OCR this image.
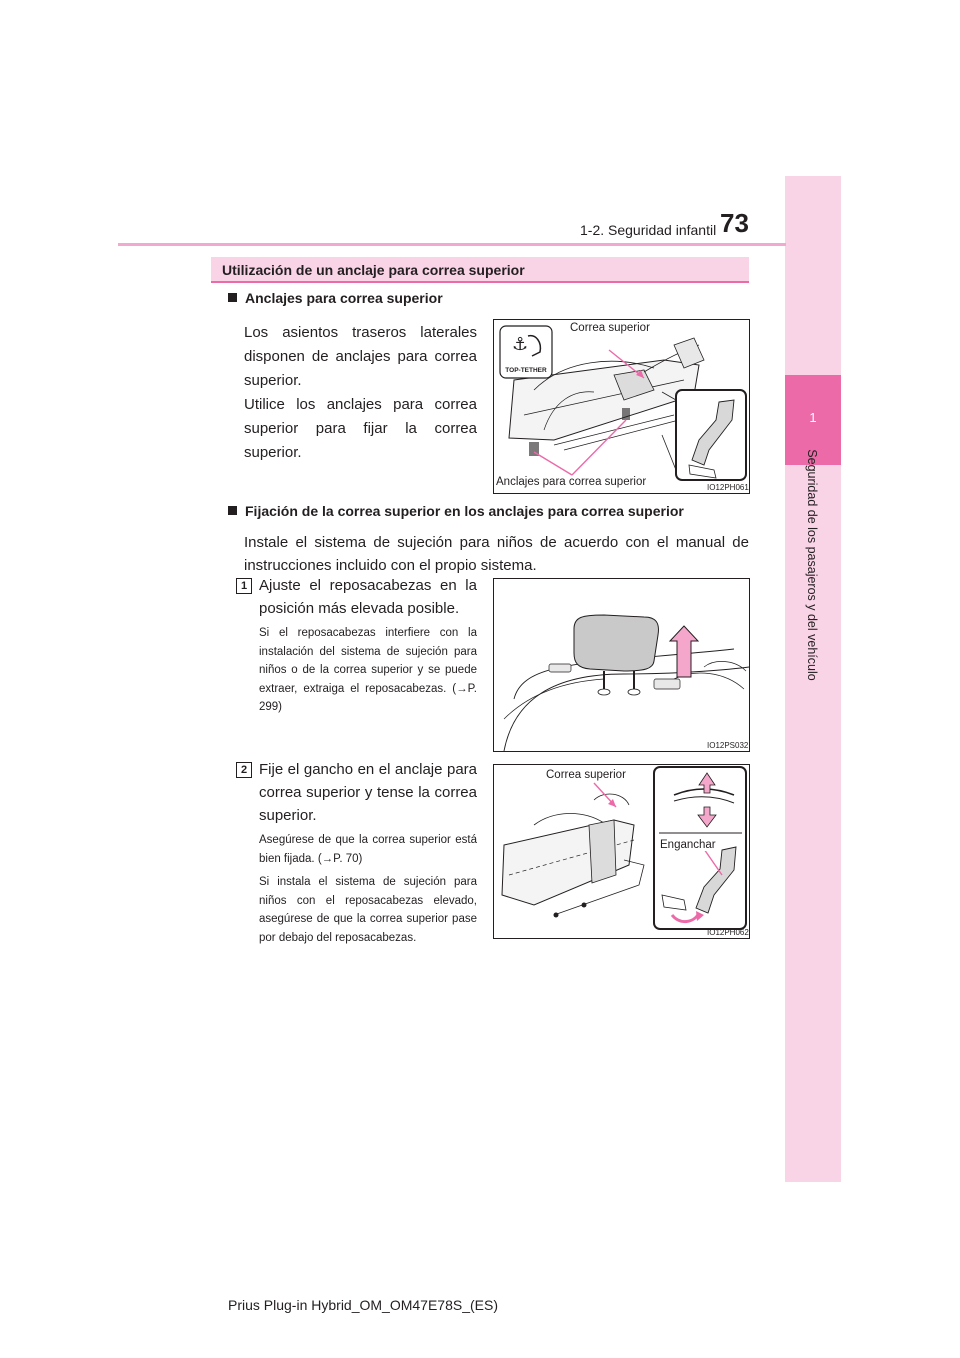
1
Seguridad de los pasajeros y del vehículo
1-2. Seguridad infantil 73
Utilización de un anclaje para correa superior
Anclajes para correa superior
Los asientos traseros laterales disponen de anclajes para correa superior.
Utilice los anclajes para correa superior para fijar la correa superior.
⚓
TOP-TETHER
Correa superior
Anclajes para correa superior	IO12PH061
Fijación de la correa superior en los anclajes para correa superior
Instale el sistema de sujeción para niños de acuerdo con el manual de instrucciones incluido con el propio sistema.
1 Ajuste el reposacabezas en la posición más elevada posible.
Si el reposacabezas interfiere con la instalación del sistema de sujeción para niños o de la correa superior y se puede extraer, extraiga el reposacabezas. (→P. 299)
IO12PS032
2 Fije el gancho en el anclaje para correa superior y tense la correa superior.
Asegúrese de que la correa superior está bien fijada. (→P. 70)
Si instala el sistema de sujeción para niños con el reposacabezas elevado, asegúrese de que la correa superior pase por debajo del reposacabezas.
Correa superior
Enganchar
IO12PH062
Prius Plug-in Hybrid_OM_OM47E78S_(ES)
